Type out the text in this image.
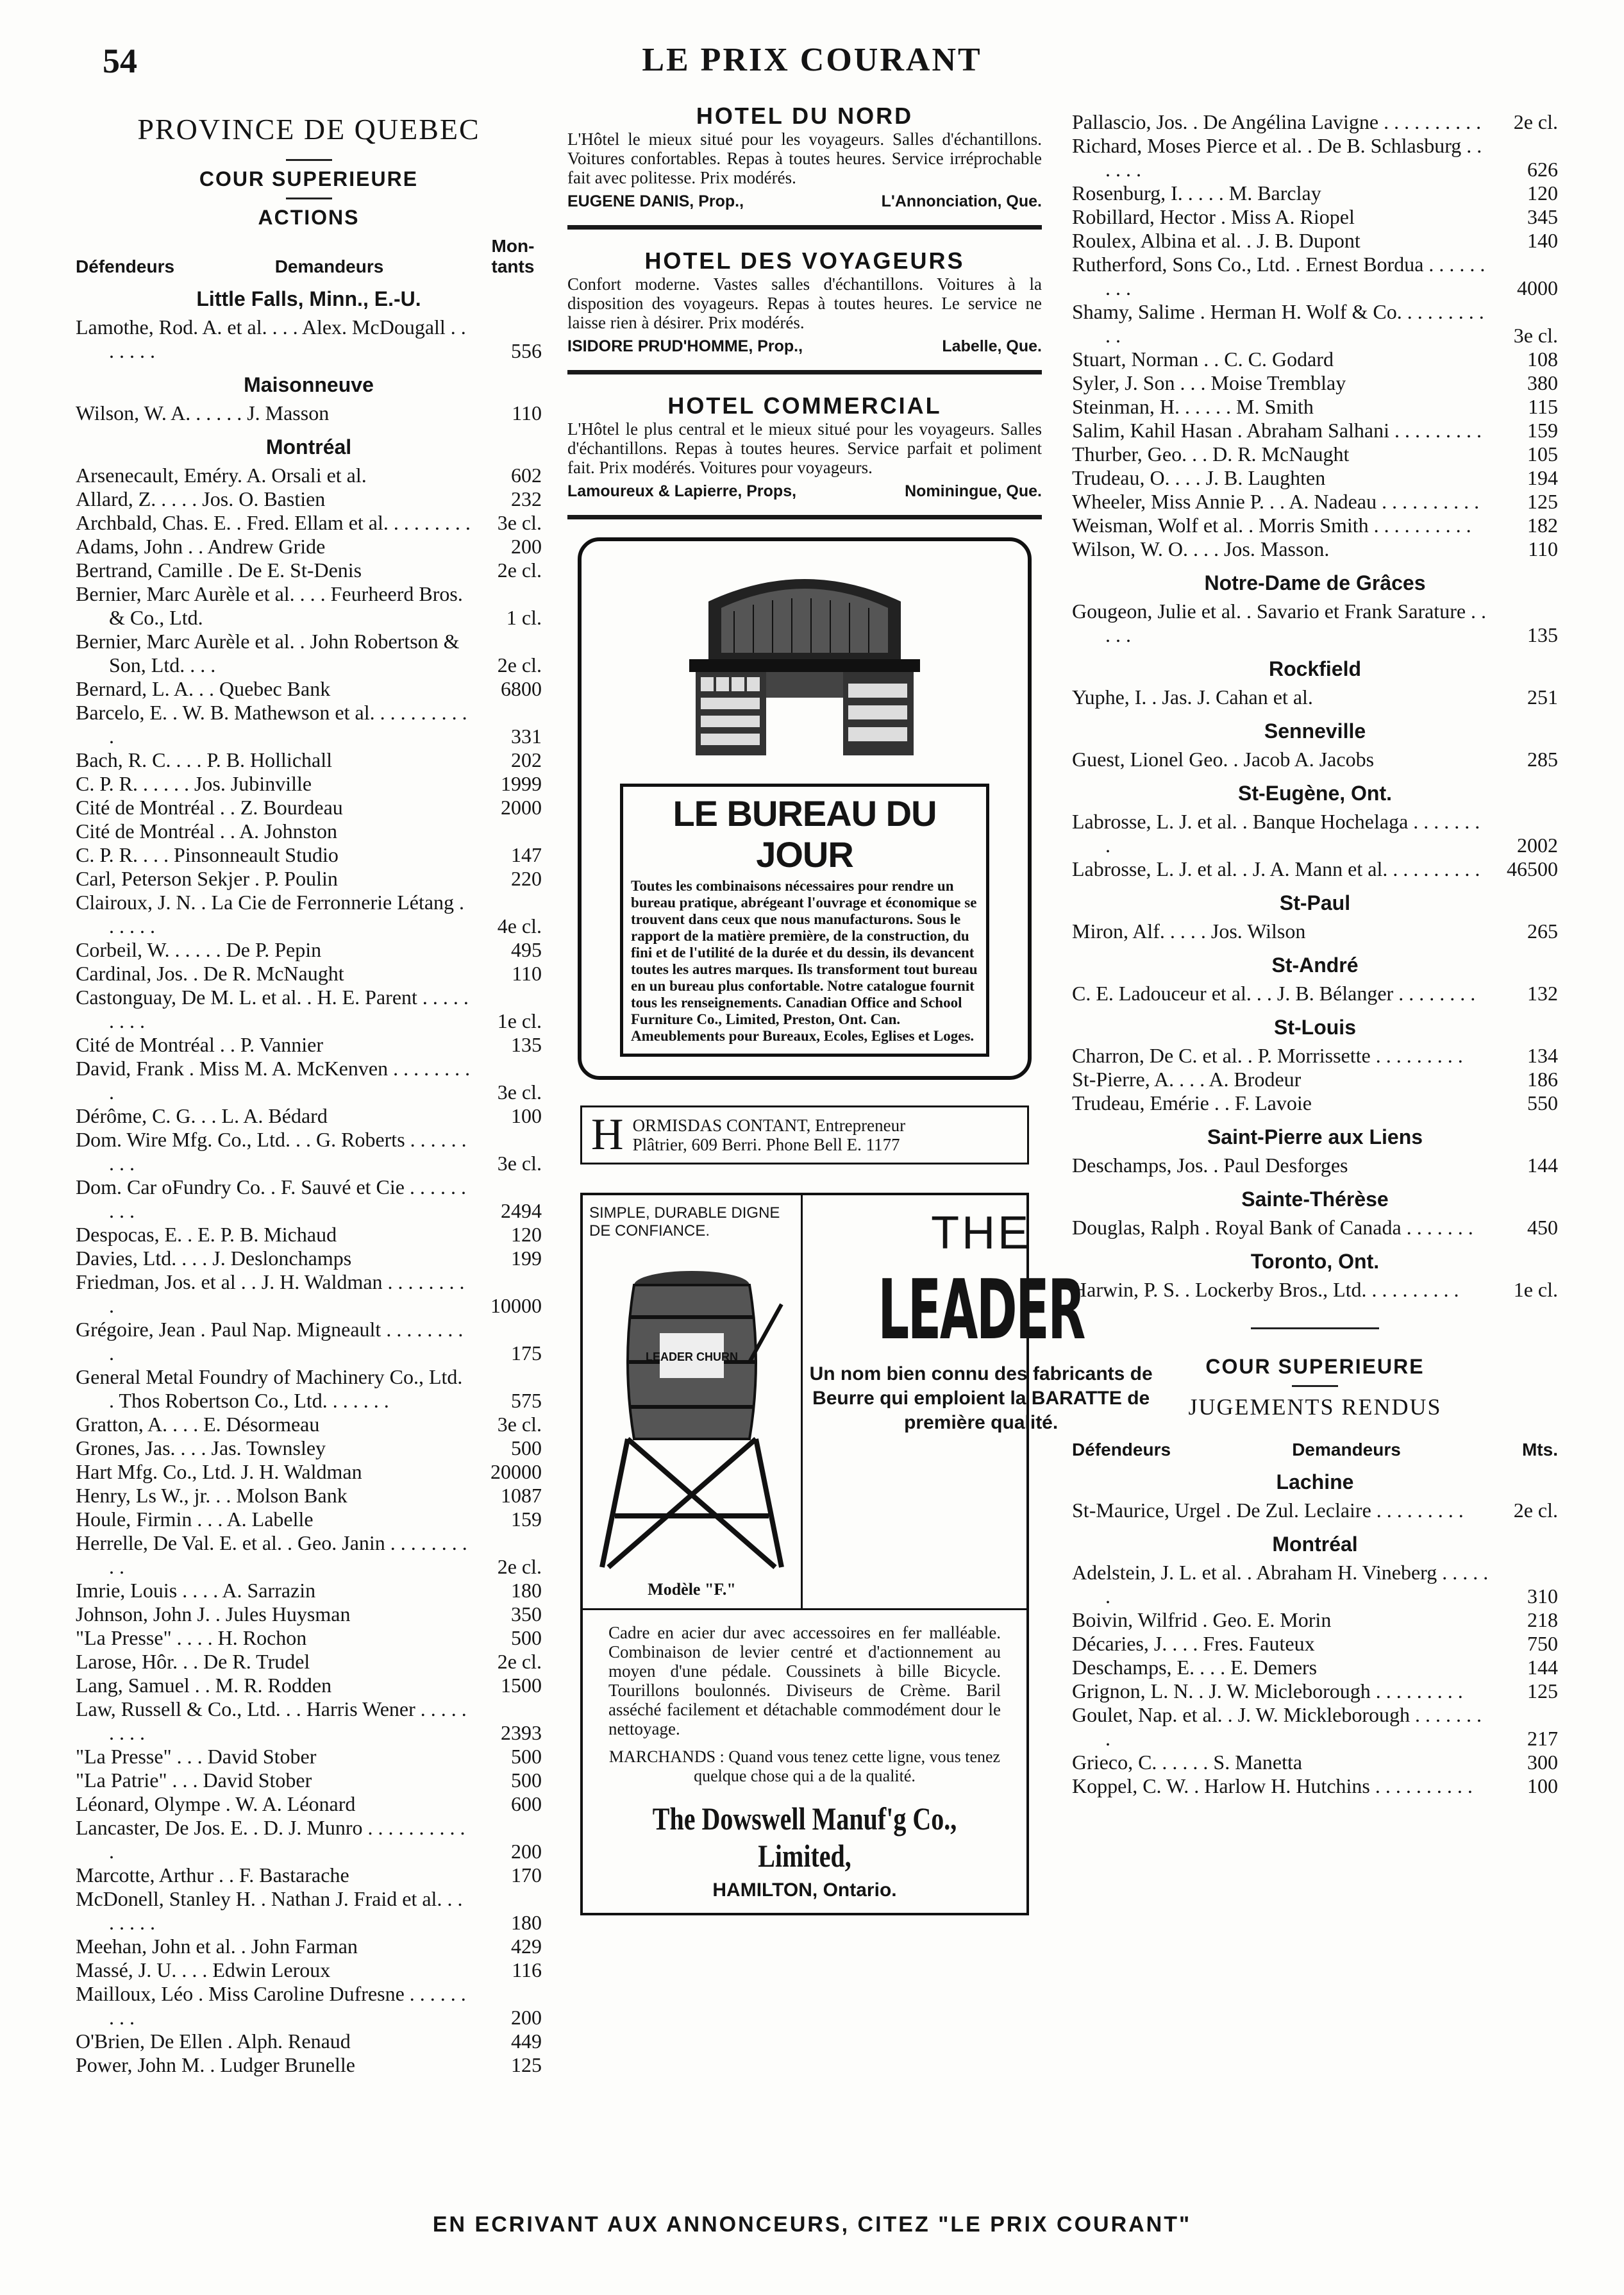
54	LE PRIX COURANT
PROVINCE DE QUEBEC
COUR SUPERIEURE
ACTIONS
Défendeurs	Demandeurs
Mon- tants
Little Falls, Minn., E.-U.
Lamothe, Rod. A. et al. . . . Alex. McDougall . . . . . . .	556
Maisonneuve
Wilson, W. A. . . . . . J. Masson	110
Montréal
Arsenecault, Eméry. A. Orsali et al.	602
Allard, Z. . . . . Jos. O. Bastien	232
Archbald, Chas. E. . Fred. Ellam et al. . . . . . . . .	3e cl.
Adams, John . . Andrew Gride	200
Bertrand, Camille . De E. St-Denis	2e cl.
Bernier, Marc Aurèle et al. . . . Feurheerd Bros. & Co., Ltd.	1 cl.
Bernier, Marc Aurèle et al. . John Robertson & Son, Ltd. . . .	2e cl.
Bernard, L. A. . . Quebec Bank	6800
Barcelo, E. . W. B. Mathewson et al. . . . . . . . . . .	331
Bach, R. C. . . . P. B. Hollichall	202
C. P. R. . . . . . Jos. Jubinville	1999
Cité de Montréal . . Z. Bourdeau	2000
Cité de Montréal . . A. Johnston
C. P. R. . . . Pinsonneault Studio	147
Carl, Peterson Sekjer . P. Poulin	220
Clairoux, J. N. . La Cie de Ferronnerie Létang . . . . . .	4e cl.
Corbeil, W. . . . . . De P. Pepin	495
Cardinal, Jos. . De R. McNaught	110
Castonguay, De M. L. et al. . H. E. Parent . . . . . . . . .	1e cl.
Cité de Montréal . . P. Vannier	135
David, Frank . Miss M. A. McKenven . . . . . . . . .	3e cl.
Dérôme, C. G. . . L. A. Bédard	100
Dom. Wire Mfg. Co., Ltd. . . G. Roberts . . . . . . . . .	3e cl.
Dom. Car oFundry Co. . F. Sauvé et Cie . . . . . . . . .	2494
Despocas, E. . E. P. B. Michaud	120
Davies, Ltd. . . . J. Deslonchamps	199
Friedman, Jos. et al . . J. H. Waldman . . . . . . . . .	10000
Grégoire, Jean . Paul Nap. Migneault . . . . . . . . .	175
General Metal Foundry of Machinery Co., Ltd. . Thos Robertson Co., Ltd. . . . . . .	575
Gratton, A. . . . E. Désormeau	3e cl.
Grones, Jas. . . . Jas. Townsley	500
Hart Mfg. Co., Ltd. J. H. Waldman	20000
Henry, Ls W., jr. . . Molson Bank	1087
Houle, Firmin . . . A. Labelle	159
Herrelle, De Val. E. et al. . Geo. Janin . . . . . . . . . .	2e cl.
Imrie, Louis . . . . A. Sarrazin	180
Johnson, John J. . Jules Huysman	350
"La Presse" . . . . H. Rochon	500
Larose, Hôr. . . De R. Trudel	2e cl.
Lang, Samuel . . M. R. Rodden	1500
Law, Russell & Co., Ltd. . . Harris Wener . . . . . . . . .	2393
"La Presse" . . . David Stober	500
"La Patrie" . . . David Stober	500
Léonard, Olympe . W. A. Léonard	600
Lancaster, De Jos. E. . D. J. Munro . . . . . . . . . . .	200
Marcotte, Arthur . . F. Bastarache	170
McDonell, Stanley H. . Nathan J. Fraid et al. . . . . . . .	180
Meehan, John et al. . John Farman	429
Massé, J. U. . . . Edwin Leroux	116
Mailloux, Léo . Miss Caroline Dufresne . . . . . . . . .	200
O'Brien, De Ellen . Alph. Renaud	449
Power, John M. . Ludger Brunelle	125
HOTEL DU NORD
L'Hôtel le mieux situé pour les voyageurs. Salles d'échantillons. Voitures confortables. Repas à toutes heures. Service irréprochable fait avec politesse. Prix modérés.
EUGENE DANIS, Prop.,	L'Annonciation, Que.
HOTEL DES VOYAGEURS
Confort moderne. Vastes salles d'échantillons. Voitures à la disposition des voyageurs. Repas à toutes heures. Le service ne laisse rien à désirer. Prix modérés.
ISIDORE PRUD'HOMME, Prop.,	Labelle, Que.
HOTEL COMMERCIAL
L'Hôtel le plus central et le mieux situé pour les voyageurs. Salles d'échantillons. Repas à toutes heures. Service parfait et poliment fait. Prix modérés. Voitures pour voyageurs.
Lamoureux & Lapierre, Props,	Nominingue, Que.
LE BUREAU DU JOUR
Toutes les combinaisons nécessaires pour rendre un bureau pratique, abrégeant l'ouvrage et économique se trouvent dans ceux que nous manufacturons. Sous le rapport de la matière première, de la construction, du fini et de l'utilité de la durée et du dessin, ils devancent toutes les autres marques. Ils transforment tout bureau en un bureau plus confortable. Notre catalogue fournit tous les renseignements. Canadian Office and School Furniture Co., Limited, Preston, Ont. Can. Ameublements pour Bureaux, Ecoles, Eglises et Loges.
H ORMISDAS CONTANT, Entrepreneur
Plâtrier, 609 Berri. Phone Bell E. 1177
SIMPLE, DURABLE DIGNE DE CONFIANCE.
LEADER CHURN
Modèle "F."
THE
LEADER
Un nom bien connu des fabricants de Beurre qui emploient la BARATTE de première qualité.
Cadre en acier dur avec accessoires en fer malléable. Combinaison de levier centré et d'actionnement au moyen d'une pédale. Coussinets à bille Bicycle. Tourillons boulonnés. Diviseurs de Crème. Baril asséché facilement et détachable commodément dour le nettoyage.
MARCHANDS : Quand vous tenez cette ligne, vous tenez quelque chose qui a de la qualité.
The Dowswell Manuf'g Co., Limited,
HAMILTON, Ontario.
Pallascio, Jos. . De Angélina Lavigne . . . . . . . . . .	2e cl.
Richard, Moses Pierce et al. . De B. Schlasburg . . . . . .	626
Rosenburg, I. . . . . M. Barclay	120
Robillard, Hector . Miss A. Riopel	345
Roulex, Albina et al. . J. B. Dupont	140
Rutherford, Sons Co., Ltd. . Ernest Bordua . . . . . . . . .	4000
Shamy, Salime . Herman H. Wolf & Co. . . . . . . . . . .	3e cl.
Stuart, Norman . . C. C. Godard	108
Syler, J. Son . . . Moise Tremblay	380
Steinman, H. . . . . . M. Smith	115
Salim, Kahil Hasan . Abraham Salhani . . . . . . . . .	159
Thurber, Geo. . . D. R. McNaught	105
Trudeau, O. . . . J. B. Laughten	194
Wheeler, Miss Annie P. . . A. Nadeau . . . . . . . . . .	125
Weisman, Wolf et al. . Morris Smith . . . . . . . . . .	182
Wilson, W. O. . . . Jos. Masson.	110
Notre-Dame de Grâces
Gougeon, Julie et al. . Savario et Frank Sarature . . . . .	135
Rockfield
Yuphe, I. . Jas. J. Cahan et al.	251
Senneville
Guest, Lionel Geo. . Jacob A. Jacobs	285
St-Eugène, Ont.
Labrosse, L. J. et al. . Banque Hochelaga . . . . . . . .	2002
Labrosse, L. J. et al. . J. A. Mann et al. . . . . . . . . .	46500
St-Paul
Miron, Alf. . . . . Jos. Wilson	265
St-André
C. E. Ladouceur et al. . . J. B. Bélanger . . . . . . . .	132
St-Louis
Charron, De C. et al. . P. Morrissette . . . . . . . . .	134
St-Pierre, A. . . . A. Brodeur	186
Trudeau, Emérie . . F. Lavoie	550
Saint-Pierre aux Liens
Deschamps, Jos. . Paul Desforges	144
Sainte-Thérèse
Douglas, Ralph . Royal Bank of Canada . . . . . . .	450
Toronto, Ont.
Harwin, P. S. . Lockerby Bros., Ltd. . . . . . . . . .	1e cl.
COUR SUPERIEURE
JUGEMENTS RENDUS
Défendeurs	Demandeurs	Mts.
Lachine
St-Maurice, Urgel . De Zul. Leclaire . . . . . . . . .	2e cl.
Montréal
Adelstein, J. L. et al. . Abraham H. Vineberg . . . . . .	310
Boivin, Wilfrid . Geo. E. Morin	218
Décaries, J. . . . Fres. Fauteux	750
Deschamps, E. . . . E. Demers	144
Grignon, L. N. . J. W. Micleborough . . . . . . . . .	125
Goulet, Nap. et al. . J. W. Mickleborough . . . . . . . .	217
Grieco, C. . . . . . S. Manetta	300
Koppel, C. W. . Harlow H. Hutchins . . . . . . . . . .	100
EN ECRIVANT AUX ANNONCEURS, CITEZ "LE PRIX COURANT"
